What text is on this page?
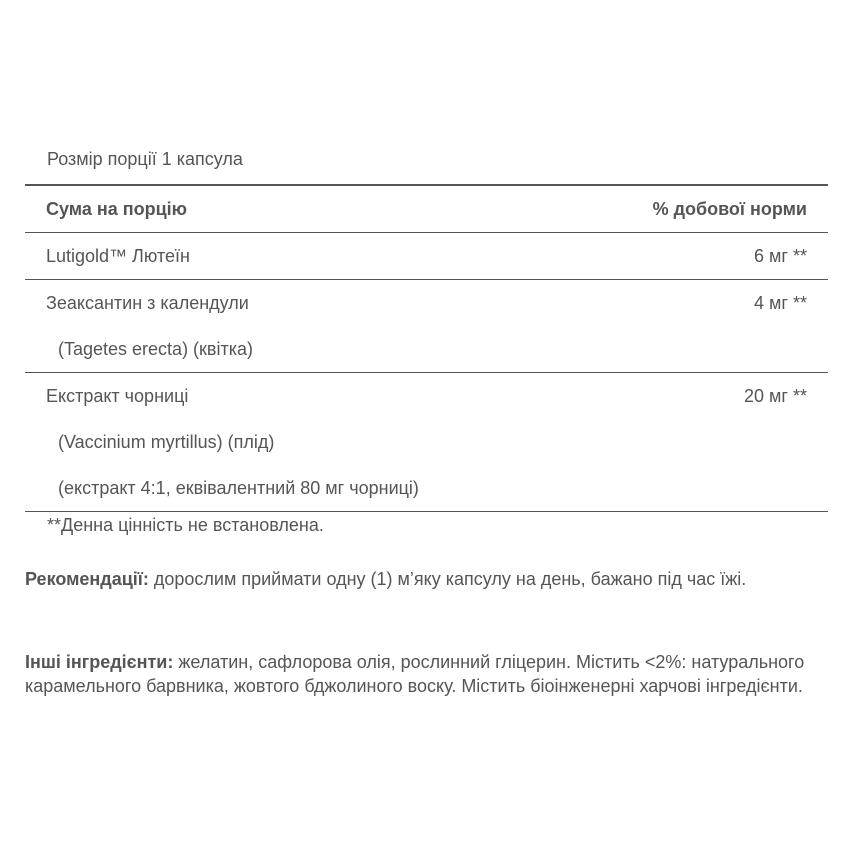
Розмір порції 1 капсула
Сума на порцію	% добової норми
Lutigold™ Лютеїн	6 мг **
Зеаксантин з календули	4 мг **
(Tagetes erecta) (квітка)
Екстракт чорниці	20 мг **
(Vaccinium myrtillus) (плід)
(екстракт 4:1, еквівалентний 80 мг чорниці)
**Денна цінність не встановлена.
Рекомендації: дорослим приймати одну (1) м’яку капсулу на день, бажано під час їжі.
Інші інгредієнти: желатин, сафлорова олія, рослинний гліцерин. Містить <2%: натурального карамельного барвника, жовтого бджолиного воску. Містить біоінженерні харчові інгредієнти.
